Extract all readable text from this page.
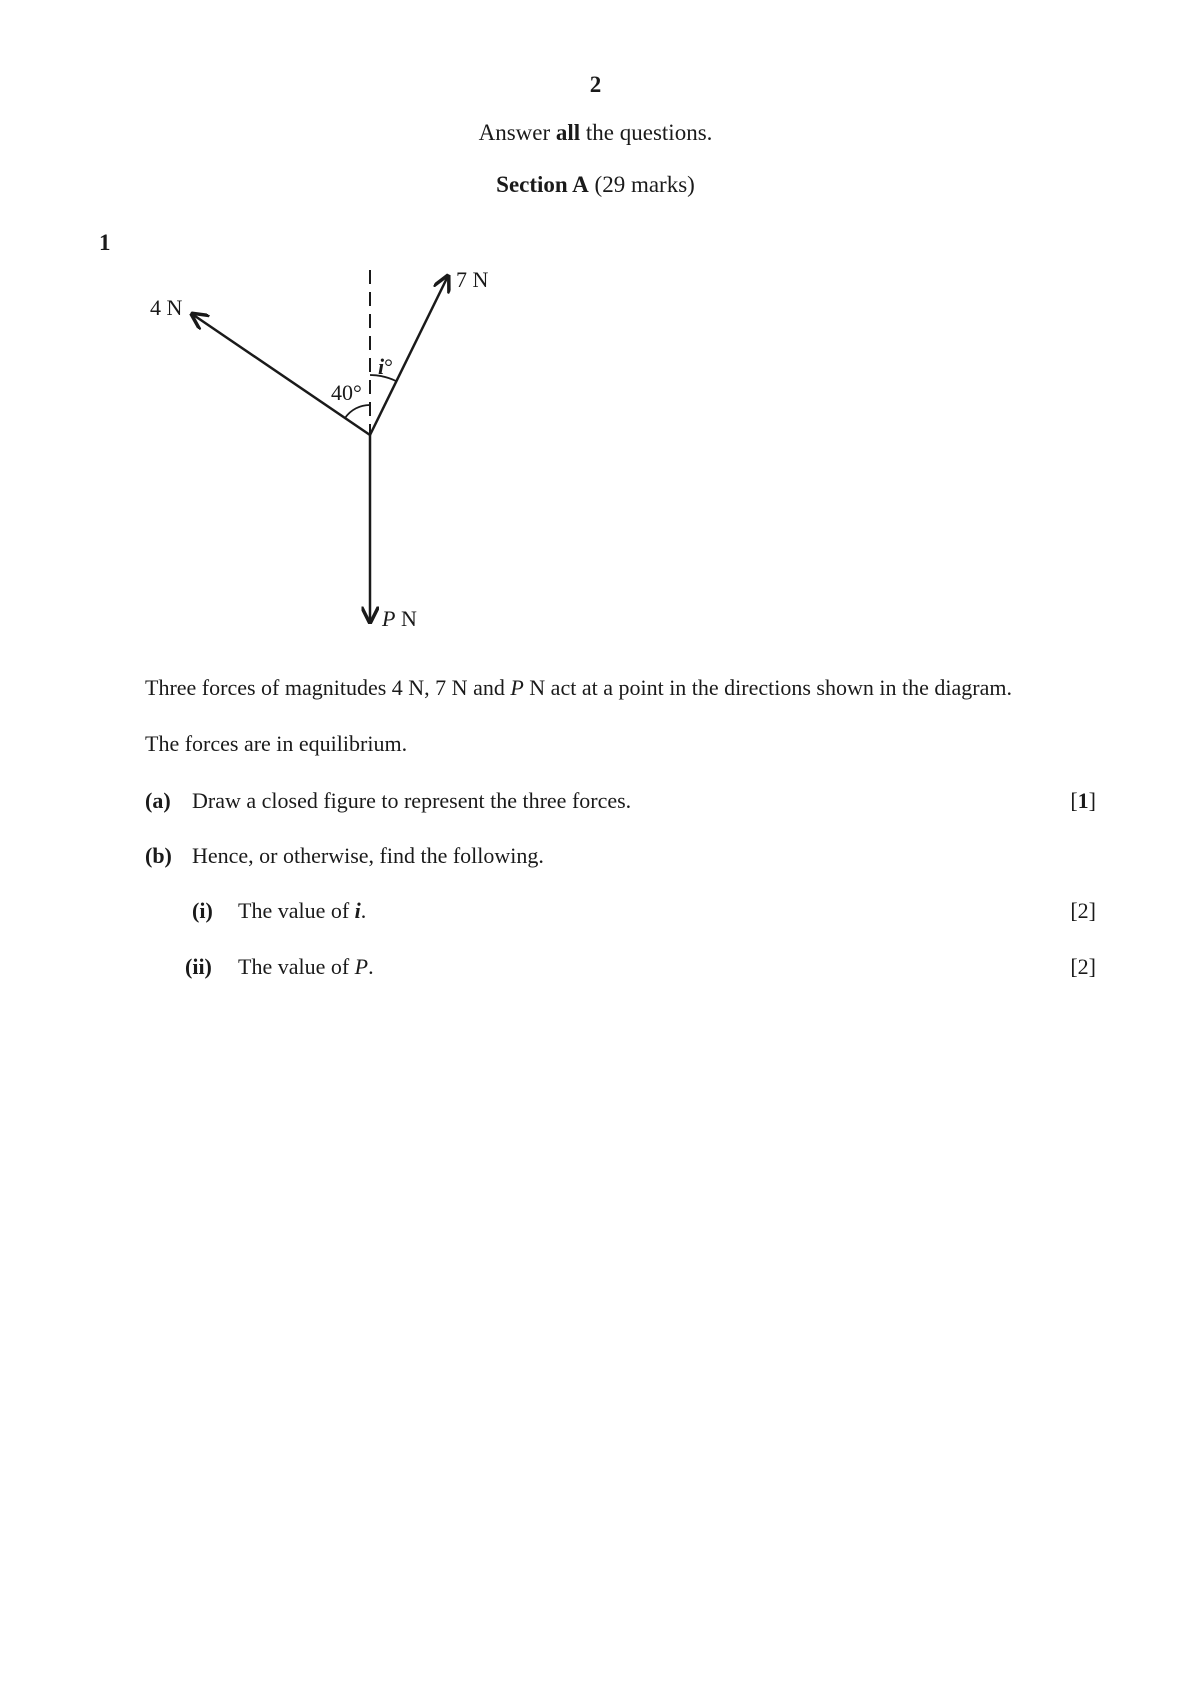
2
Answer all the questions.
Section A (29 marks)
1
4 N
7 N
P N
40°
i°
Three forces of magnitudes 4 N, 7 N and P N act at a point in the directions shown in the diagram.
The forces are in equilibrium.
(a) Draw a closed figure to represent the three forces.	[1]
(b) Hence, or otherwise, find the following.
(i) The value of i.	[2]
(ii) The value of P.	[2]
